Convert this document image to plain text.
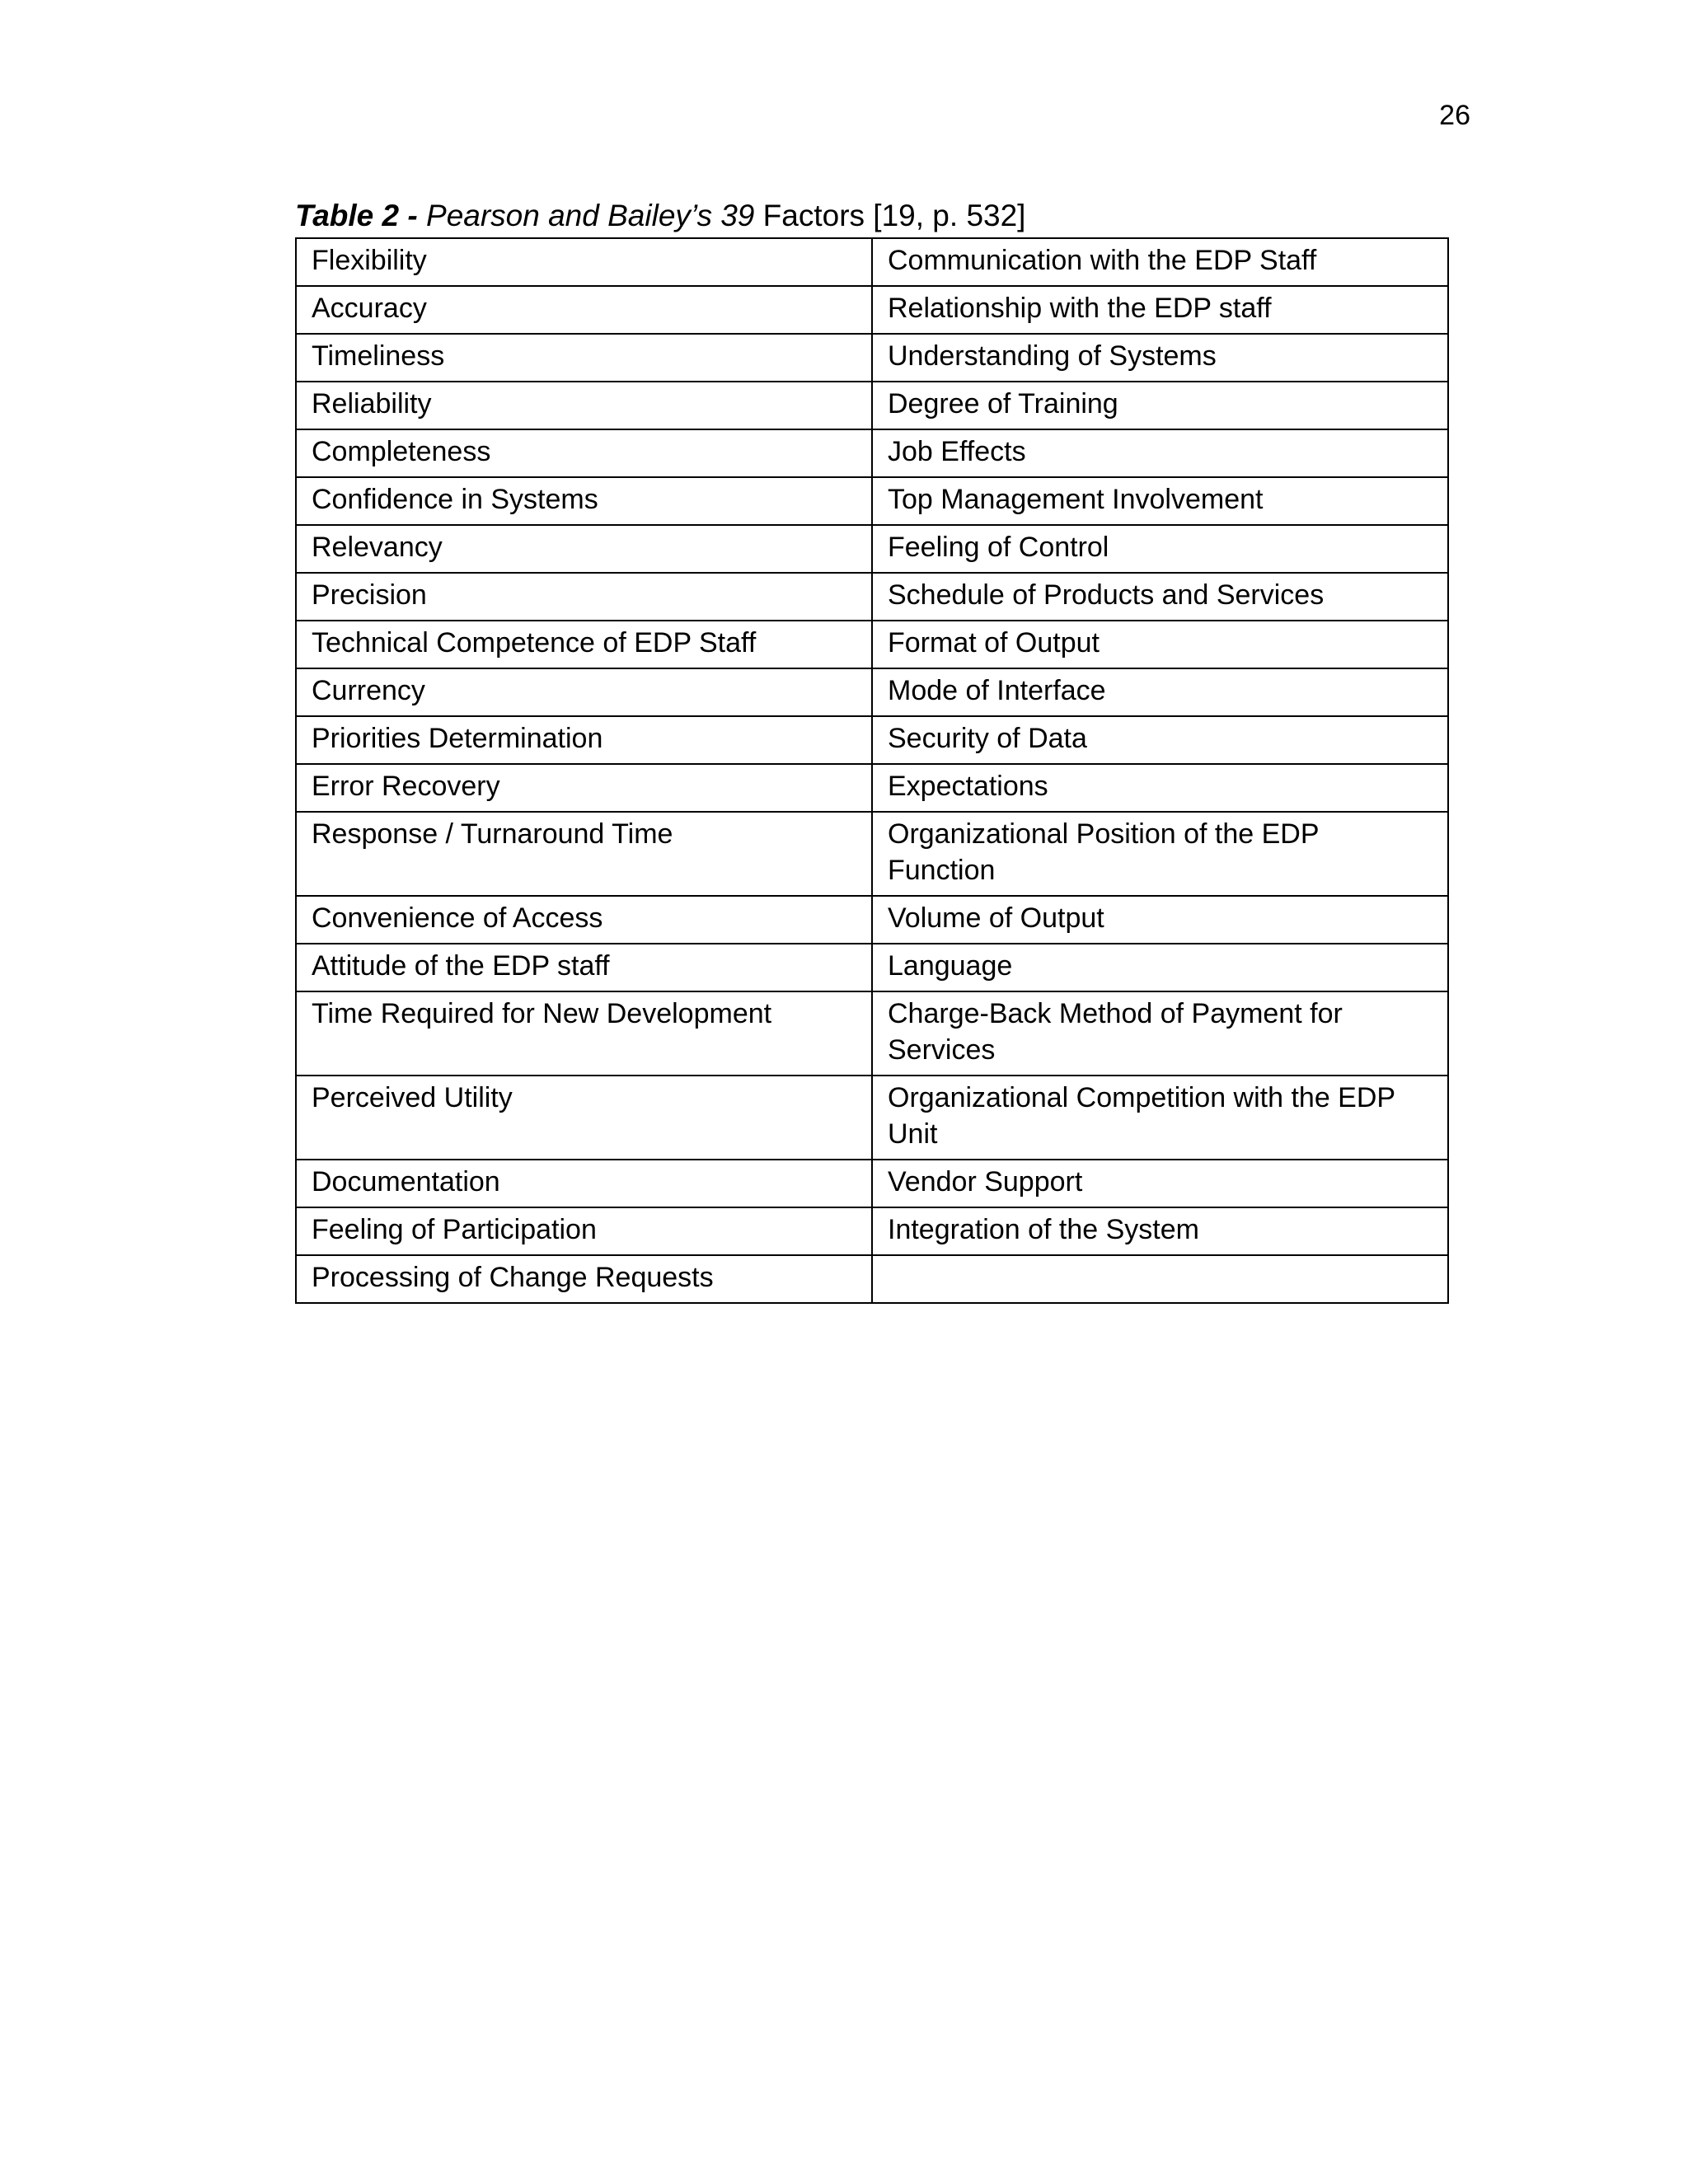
26
Table 2 - Pearson and Bailey’s 39 Factors [19, p. 532]
Flexibility	Communication with the EDP Staff
Accuracy	Relationship with the EDP staff
Timeliness	Understanding of Systems
Reliability	Degree of Training
Completeness	Job Effects
Confidence in Systems	Top Management Involvement
Relevancy	Feeling of Control
Precision	Schedule of Products and Services
Technical Competence of EDP Staff	Format of Output
Currency	Mode of Interface
Priorities Determination	Security of Data
Error Recovery	Expectations
Response / Turnaround Time	Organizational Position of the EDP Function
Convenience of Access	Volume of Output
Attitude of the EDP staff	Language
Time Required for New Development	Charge-Back Method of Payment for Services
Perceived Utility	Organizational Competition with the EDP Unit
Documentation	Vendor Support
Feeling of Participation	Integration of the System
Processing of Change Requests	
